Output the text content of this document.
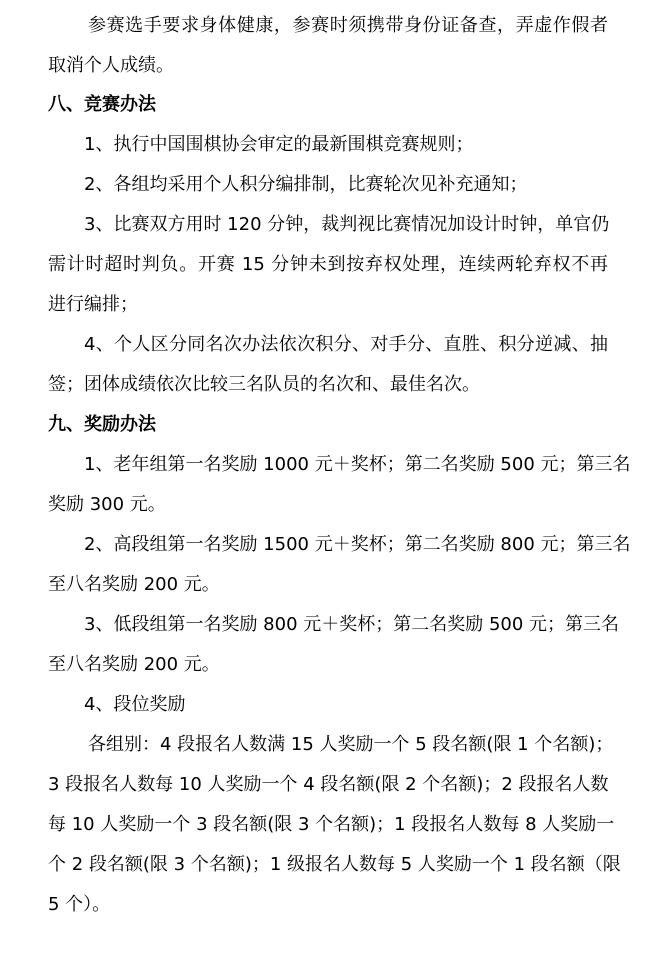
参赛选手要求身体健康，参赛时须携带身份证备查，弄虚作假者
取消个人成绩。
八、竞赛办法
1、执行中国围棋协会审定的最新围棋竞赛规则；
2、各组均采用个人积分编排制，比赛轮次见补充通知；
3、比赛双方用时 120 分钟，裁判视比赛情况加设计时钟，单官仍
需计时超时判负。开赛 15 分钟未到按弃权处理，连续两轮弃权不再
进行编排；
4、个人区分同名次办法依次积分、对手分、直胜、积分逆减、抽
签；团体成绩依次比较三名队员的名次和、最佳名次。
九、奖励办法
1、老年组第一名奖励 1000 元＋奖杯；第二名奖励 500 元；第三名
奖励 300 元。
2、高段组第一名奖励 1500 元＋奖杯；第二名奖励 800 元；第三名
至八名奖励 200 元。
3、低段组第一名奖励 800 元＋奖杯；第二名奖励 500 元；第三名
至八名奖励 200 元。
4、段位奖励
各组别：4 段报名人数满 15 人奖励一个 5 段名额(限 1 个名额)；
3 段报名人数每 10 人奖励一个 4 段名额(限 2 个名额)；2 段报名人数
每 10 人奖励一个 3 段名额(限 3 个名额)；1 段报名人数每 8 人奖励一
个 2 段名额(限 3 个名额)；1 级报名人数每 5 人奖励一个 1 段名额（限
5 个）。
